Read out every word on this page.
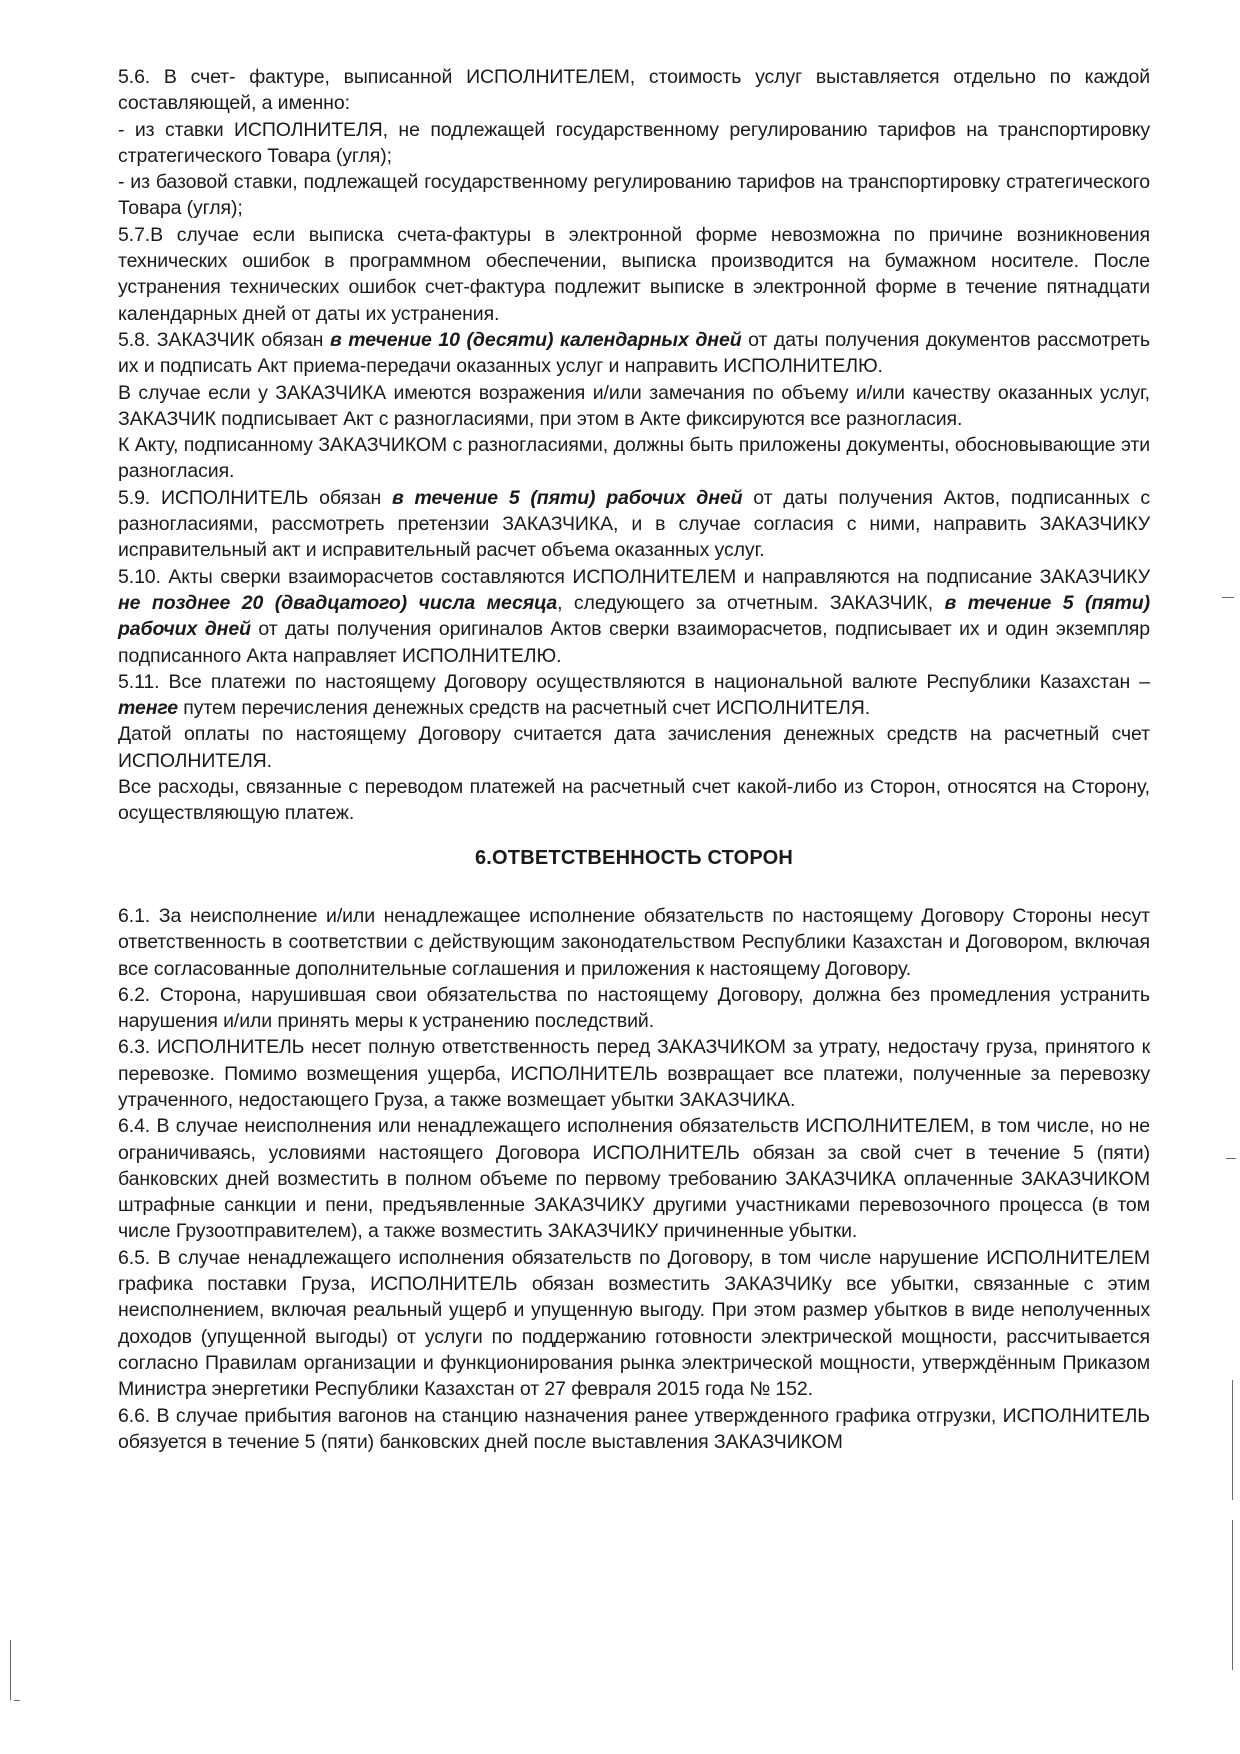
5.6. В счет- фактуре, выписанной ИСПОЛНИТЕЛЕМ, стоимость услуг выставляется отдельно по каждой составляющей, а именно:

- из ставки ИСПОЛНИТЕЛЯ, не подлежащей государственному регулированию тарифов на транспортировку стратегического Товара (угля);

- из базовой ставки, подлежащей государственному регулированию тарифов на транспортировку стратегического Товара (угля);

5.7.В случае если выписка счета-фактуры в электронной форме невозможна по причине возникновения технических ошибок в программном обеспечении, выписка производится на бумажном носителе. После устранения технических ошибок счет-фактура подлежит выписке в электронной форме в течение пятнадцати календарных дней от даты их устранения.

5.8. ЗАКАЗЧИК обязан в течение 10 (десяти) календарных дней от даты получения документов рассмотреть их и подписать Акт приема-передачи оказанных услуг и направить ИСПОЛНИТЕЛЮ.

В случае если у ЗАКАЗЧИКА имеются возражения и/или замечания по объему и/или качеству оказанных услуг, ЗАКАЗЧИК подписывает Акт с разногласиями, при этом в Акте фиксируются все разногласия.

К Акту, подписанному ЗАКАЗЧИКОМ с разногласиями, должны быть приложены документы, обосновывающие эти разногласия.

5.9. ИСПОЛНИТЕЛЬ обязан в течение 5 (пяти) рабочих дней от даты получения Актов, подписанных с разногласиями, рассмотреть претензии ЗАКАЗЧИКА, и в случае согласия с ними, направить ЗАКАЗЧИКУ исправительный акт и исправительный расчет объема оказанных услуг.

5.10. Акты сверки взаиморасчетов составляются ИСПОЛНИТЕЛЕМ и направляются на подписание ЗАКАЗЧИКУ не позднее 20 (двадцатого) числа месяца, следующего за отчетным. ЗАКАЗЧИК, в течение 5 (пяти) рабочих дней от даты получения оригиналов Актов сверки взаиморасчетов, подписывает их и один экземпляр подписанного Акта направляет ИСПОЛНИТЕЛЮ.

5.11. Все платежи по настоящему Договору осуществляются в национальной валюте Республики Казахстан – тенге путем перечисления денежных средств на расчетный счет ИСПОЛНИТЕЛЯ.

Датой оплаты по настоящему Договору считается дата зачисления денежных средств на расчетный счет ИСПОЛНИТЕЛЯ.

Все расходы, связанные с переводом платежей на расчетный счет какой-либо из Сторон, относятся на Сторону, осуществляющую платеж.

6.ОТВЕТСТВЕННОСТЬ СТОРОН

6.1. За неисполнение и/или ненадлежащее исполнение обязательств по настоящему Договору Стороны несут ответственность в соответствии с действующим законодательством Республики Казахстан и Договором, включая все согласованные дополнительные соглашения и приложения к настоящему Договору.

6.2. Сторона, нарушившая свои обязательства по настоящему Договору, должна без промедления устранить нарушения и/или принять меры к устранению последствий.

6.3. ИСПОЛНИТЕЛЬ несет полную ответственность перед ЗАКАЗЧИКОМ за утрату, недостачу груза, принятого к перевозке. Помимо возмещения ущерба, ИСПОЛНИТЕЛЬ возвращает все платежи, полученные за перевозку утраченного, недостающего Груза, а также возмещает убытки ЗАКАЗЧИКА.

6.4. В случае неисполнения или ненадлежащего исполнения обязательств ИСПОЛНИТЕЛЕМ, в том числе, но не ограничиваясь, условиями настоящего Договора ИСПОЛНИТЕЛЬ обязан за свой счет в течение 5 (пяти) банковских дней возместить в полном объеме по первому требованию ЗАКАЗЧИКА оплаченные ЗАКАЗЧИКОМ штрафные санкции и пени, предъявленные ЗАКАЗЧИКУ другими участниками перевозочного процесса (в том числе Грузоотправителем), а также возместить ЗАКАЗЧИКУ причиненные убытки.

6.5. В случае ненадлежащего исполнения обязательств по Договору, в том числе нарушение ИСПОЛНИТЕЛЕМ графика поставки Груза, ИСПОЛНИТЕЛЬ обязан возместить ЗАКАЗЧИКу все убытки, связанные с этим неисполнением, включая реальный ущерб и упущенную выгоду. При этом размер убытков в виде неполученных доходов (упущенной выгоды) от услуги по поддержанию готовности электрической мощности, рассчитывается согласно Правилам организации и функционирования рынка электрической мощности, утверждённым Приказом Министра энергетики Республики Казахстан от 27 февраля 2015 года № 152.

6.6. В случае прибытия вагонов на станцию назначения ранее утвержденного графика отгрузки, ИСПОЛНИТЕЛЬ обязуется в течение 5 (пяти) банковских дней после выставления ЗАКАЗЧИКОМ
